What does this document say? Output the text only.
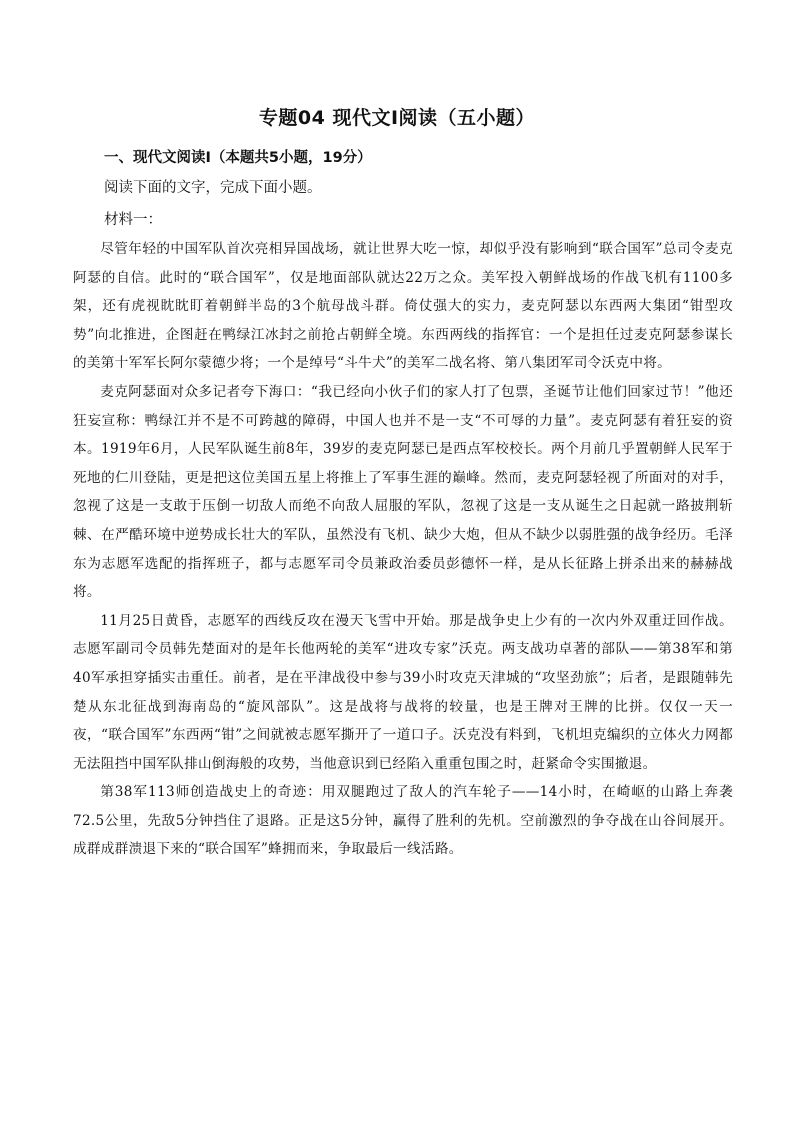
专题04 现代文Ⅰ阅读（五小题）
一、现代文阅读Ⅰ（本题共5小题，19分）
阅读下面的文字，完成下面小题。
材料一：

尽管年轻的中国军队首次亮相异国战场，就让世界大吃一惊，却似乎没有影响到“联合国军”总司令麦克阿瑟的自信。此时的“联合国军”，仅是地面部队就达22万之众。美军投入朝鲜战场的作战飞机有1100多架，还有虎视眈眈盯着朝鲜半岛的3个航母战斗群。倚仗强大的实力，麦克阿瑟以东西两大集团“钳型攻势”向北推进，企图赶在鸭绿江冰封之前抢占朝鲜全境。东西两线的指挥官：一个是担任过麦克阿瑟参谋长的美第十军军长阿尔蒙德少将；一个是绰号“斗牛犬”的美军二战名将、第八集团军司令沃克中将。

麦克阿瑟面对众多记者夸下海口：“我已经向小伙子们的家人打了包票，圣诞节让他们回家过节！”他还狂妄宣称：鸭绿江并不是不可跨越的障碍，中国人也并不是一支“不可辱的力量”。麦克阿瑟有着狂妄的资本。1919年6月，人民军队诞生前8年，39岁的麦克阿瑟已是西点军校校长。两个月前几乎置朝鲜人民军于死地的仁川登陆，更是把这位美国五星上将推上了军事生涯的巅峰。然而，麦克阿瑟轻视了所面对的对手，忽视了这是一支敢于压倒一切敌人而绝不向敌人屈服的军队，忽视了这是一支从诞生之日起就一路披荆斩棘、在严酷环境中逆势成长壮大的军队，虽然没有飞机、缺少大炮，但从不缺少以弱胜强的战争经历。毛泽东为志愿军选配的指挥班子，都与志愿军司令员兼政治委员彭德怀一样，是从长征路上拼杀出来的赫赫战将。

11月25日黄昏，志愿军的西线反攻在漫天飞雪中开始。那是战争史上少有的一次内外双重迂回作战。志愿军副司令员韩先楚面对的是年长他两轮的美军“进攻专家”沃克。两支战功卓著的部队——第38军和第40军承担穿插实击重任。前者，是在平津战役中参与39小时攻克天津城的“攻坚劲旅”；后者，是跟随韩先楚从东北征战到海南岛的“旋风部队”。这是战将与战将的较量，也是王牌对王牌的比拼。仅仅一天一夜，“联合国军”东西两“钳”之间就被志愿军撕开了一道口子。沃克没有料到，飞机坦克编织的立体火力网都无法阻挡中国军队排山倒海般的攻势，当他意识到已经陷入重重包围之时，赶紧命令实围撤退。

第38军113师创造战史上的奇迹：用双腿跑过了敌人的汽车轮子——14小时，在崎岖的山路上奔袭72.5公里，先敌5分钟挡住了退路。正是这5分钟，赢得了胜利的先机。空前激烈的争夺战在山谷间展开。成群成群溃退下来的“联合国军”蜂拥而来，争取最后一线活路。
